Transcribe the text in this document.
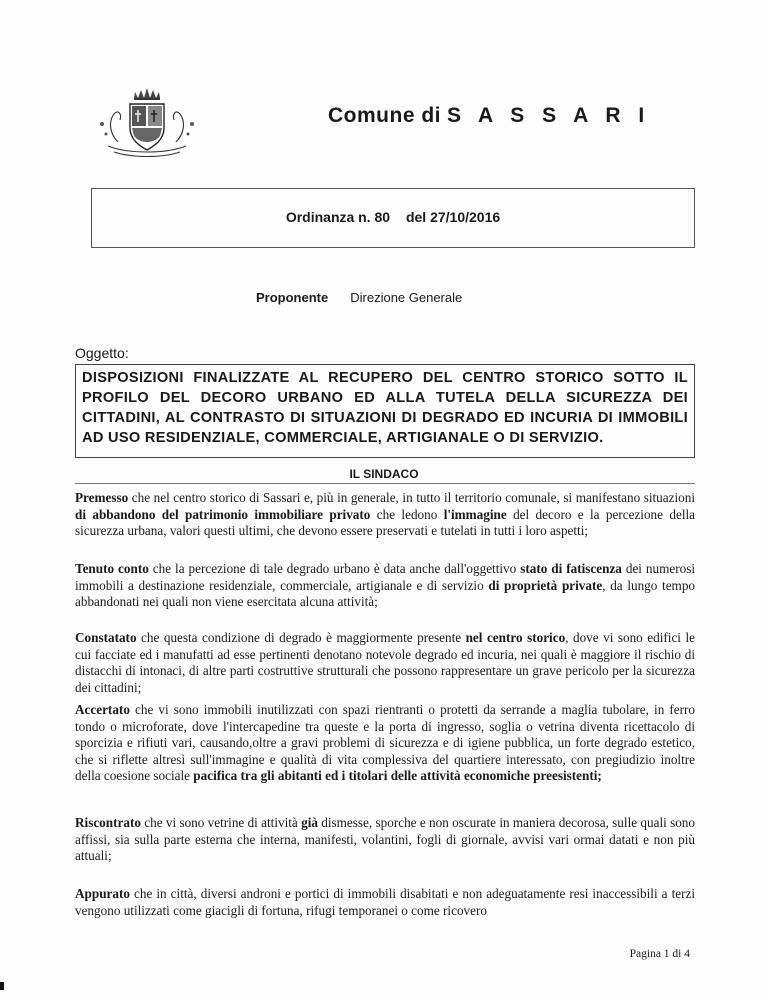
Comune di S A S S A R I
Ordinanza n. 80 del 27/10/2016
Proponente Direzione Generale
Oggetto:
DISPOSIZIONI FINALIZZATE AL RECUPERO DEL CENTRO STORICO SOTTO IL PROFILO DEL DECORO URBANO ED ALLA TUTELA DELLA SICUREZZA DEI CITTADINI, AL CONTRASTO DI SITUAZIONI DI DEGRADO ED INCURIA DI IMMOBILI AD USO RESIDENZIALE, COMMERCIALE, ARTIGIANALE O DI SERVIZIO.
IL SINDACO
Premesso che nel centro storico di Sassari e, più in generale, in tutto il territorio comunale, si manifestano situazioni di abbandono del patrimonio immobiliare privato che ledono l'immagine del decoro e la percezione della sicurezza urbana, valori questi ultimi, che devono essere preservati e tutelati in tutti i loro aspetti;
Tenuto conto che la percezione di tale degrado urbano è data anche dall'oggettivo stato di fatiscenza dei numerosi immobili a destinazione residenziale, commerciale, artigianale e di servizio di proprietà private, da lungo tempo abbandonati nei quali non viene esercitata alcuna attività;
Constatato che questa condizione di degrado è maggiormente presente nel centro storico, dove vi sono edifici le cui facciate ed i manufatti ad esse pertinenti denotano notevole degrado ed incuria, nei quali è maggiore il rischio di distacchi di intonaci, di altre parti costruttive strutturali che possono rappresentare un grave pericolo per la sicurezza dei cittadini;
Accertato che vi sono immobili inutilizzati con spazi rientranti o protetti da serrande a maglia tubolare, in ferro tondo o microforate, dove l'intercapedine tra queste e la porta di ingresso, soglia o vetrina diventa ricettacolo di sporcizia e rifiuti vari, causando,oltre a gravi problemi di sicurezza e di igiene pubblica, un forte degrado estetico, che si riflette altresì sull'immagine e qualità di vita complessiva del quartiere interessato, con pregiudizio inoltre della coesione sociale pacifica tra gli abitanti ed i titolari delle attività economiche preesistenti;
Riscontrato che vi sono vetrine di attività già dismesse, sporche e non oscurate in maniera decorosa, sulle quali sono affissi, sia sulla parte esterna che interna, manifesti, volantini, fogli di giornale, avvisi vari ormai datati e non più attuali;
Appurato che in città, diversi androni e portici di immobili disabitati e non adeguatamente resi inaccessibili a terzi vengono utilizzati come giacigli di fortuna, rifugi temporanei o come ricovero
Pagina 1 di 4
